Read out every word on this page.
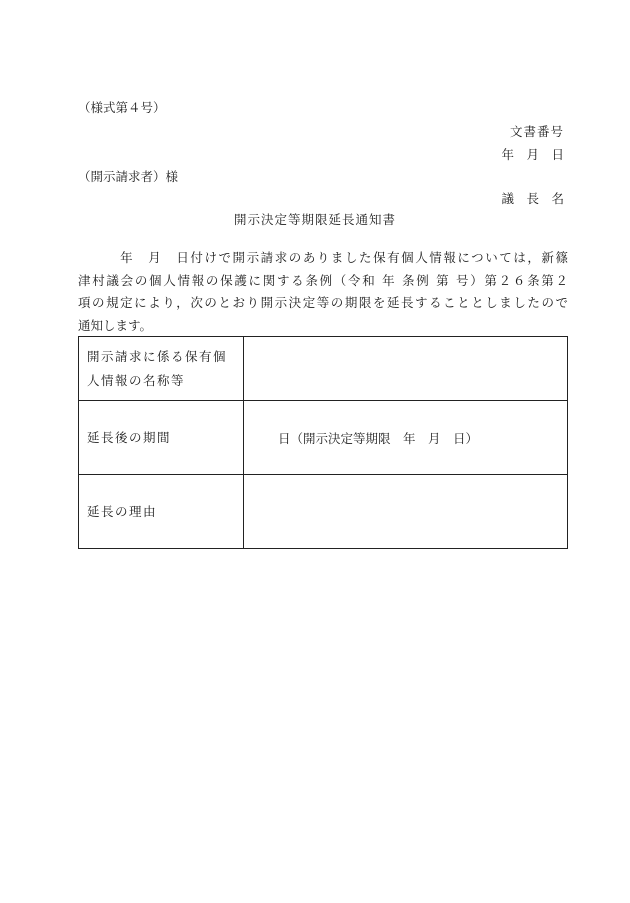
（様式第４号）
文書番号
年　月　日
（開示請求者）様
議　長　名
開示決定等期限延長通知書
　　　年　月　日付けで開示請求のありました保有個人情報については，新篠
津村議会の個人情報の保護に関する条例（令和 年 条例 第 号）第２６条第２
項の規定により，次のとおり開示決定等の期限を延長することとしましたので
通知します。
開示請求に係る保有個
人情報の名称等	
延長後の期間	日（開示決定等期限　年　月　日）
延長の理由	
